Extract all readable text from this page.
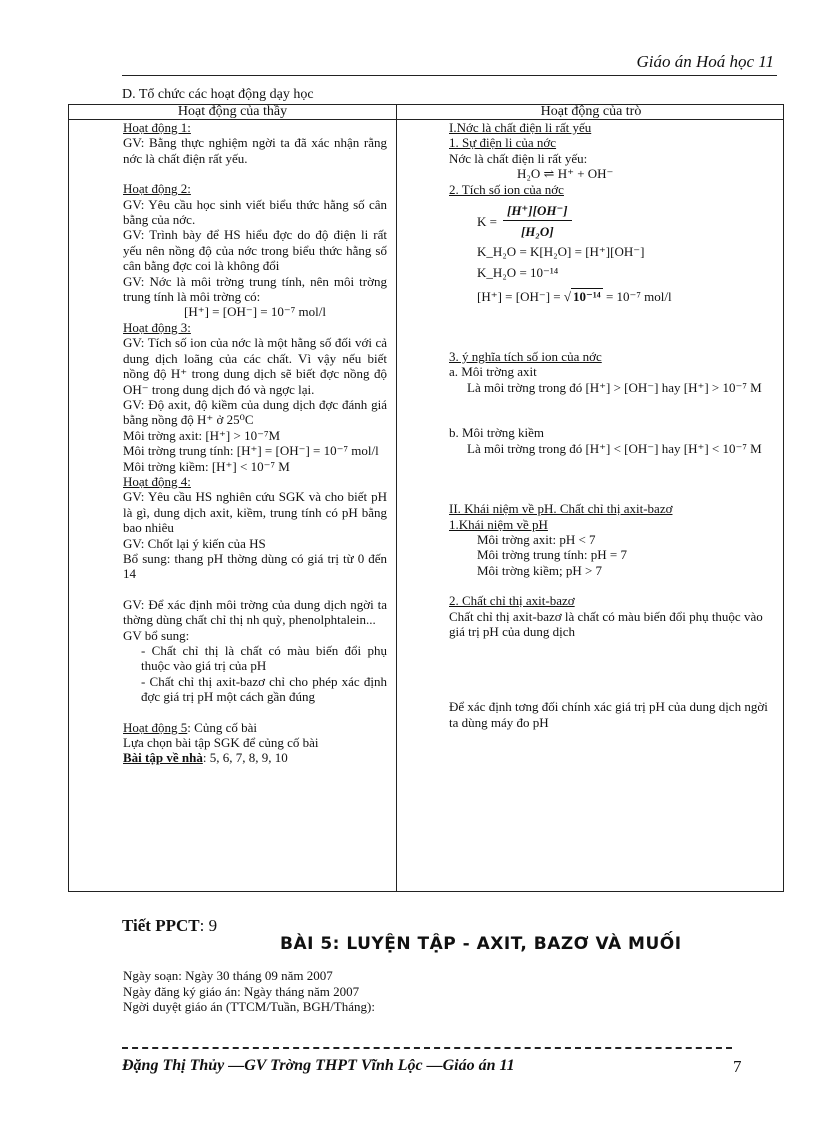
Giáo án Hoá học 11
D. Tổ chức các hoạt động dạy học
Hoạt động của thầy	Hoạt động của trò

Hoạt động 1:

GV: Bằng thực nghiệm ngời ta đã xác nhận rằng nớc là chất điện rất yếu.

Hoạt động 2:

GV: Yêu cầu học sinh viết biểu thức hằng số cân bằng của nớc.

GV: Trình bày để HS hiểu đợc do độ điện li rất yếu nên nồng độ của nớc trong biểu thức hằng số cân bằng đợc coi là không đổi

GV: Nớc là môi trờng trung tính, nên môi trờng trung tính là môi trờng có:

[H⁺] = [OH⁻] = 10⁻⁷ mol/l

Hoạt động 3:

GV: Tích số ion của nớc là một hằng số đối với cả dung dịch loãng của các chất. Vì vậy nếu biết nồng độ H⁺ trong dung dịch sẽ biết đợc nồng độ OH⁻ trong dung dịch đó và ngợc lại.

GV: Độ axit, độ kiềm của dung dịch đợc đánh giá bằng nồng độ H⁺ ở 25⁰C

Môi trờng axit: [H⁺] > 10⁻⁷M

Môi trờng trung tính: [H⁺] = [OH⁻] = 10⁻⁷ mol/l

Môi trờng kiềm: [H⁺] < 10⁻⁷ M

Hoạt động 4:

GV: Yêu cầu HS nghiên cứu SGK và cho biết pH là gì, dung dịch axit, kiềm, trung tính có pH bằng bao nhiêu

GV: Chốt lại ý kiến của HS

Bổ sung: thang pH thờng dùng có giá trị từ 0 đến 14

GV: Để xác định môi trờng của dung dịch ngời ta thờng dùng chất chỉ thị nh quỳ, phenolphtalein...

GV bổ sung:

- Chất chỉ thị là chất có màu biến đổi phụ thuộc vào giá trị của pH

- Chất chỉ thị axit-bazơ chỉ cho phép xác định đợc giá trị pH một cách gần đúng

Hoạt động 5: Củng cố bài

Lựa chọn bài tập SGK để củng cố bài

Bài tập về nhà: 5, 6, 7, 8, 9, 10

I.Nớc là chất điện li rất yếu

1. Sự điện li của nớc

Nớc là chất điện li rất yếu:

H₂O ⇌ H⁺ + OH⁻

2. Tích số ion của nớc

$K = \frac{[H^+][OH^-]}{\text{[H₂O]}}$

K_H₂O = K[H₂O] = [H⁺][OH⁻]

K_H₂O = 10⁻¹⁴

[H⁺] = [OH⁻] = √ 10⁻¹⁴ = 10⁻⁷ mol/l

3. ý nghĩa tích số ion của nớc

a. Môi trờng axit

Là môi trờng trong đó [H⁺] > [OH⁻] hay [H⁺] > 10⁻⁷ M

b. Môi trờng kiềm

Là môi trờng trong đó [H⁺] < [OH⁻] hay [H⁺] < 10⁻⁷ M

II. Khái niệm về pH. Chất chỉ thị axit-bazơ

1.Khái niệm về pH

Môi trờng axit: pH < 7

Môi trờng trung tính: pH = 7

Môi trờng kiềm; pH > 7

2. Chất chỉ thị axit-bazơ

Chất chỉ thị axit-bazơ là chất có màu biến đổi phụ thuộc vào giá trị pH của dung dịch

Để xác định tơng đối chính xác giá trị pH của dung dịch ngời ta dùng máy đo pH

Tiết PPCT: 9
BÀI 5: LUYỆN TẬP - AXIT, BAZƠ VÀ MUỐI

Ngày soạn: Ngày 30 tháng 09 năm 2007

Ngày đăng ký giáo án: Ngày tháng năm 2007

Ngời duyệt giáo án (TTCM/Tuần, BGH/Tháng):

Đặng Thị Thủy —GV Trờng THPT Vĩnh Lộc —Giáo án 11	7
